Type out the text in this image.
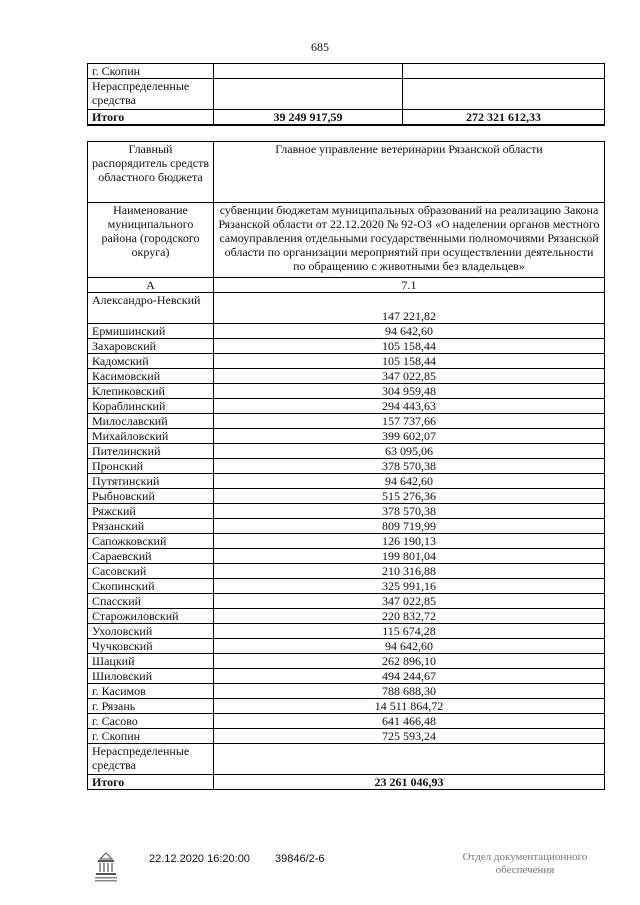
685
г. Скопин		
Нераспределенные средства		
Итого	39 249 917,59	272 321 612,33
Главный распорядитель средств областного бюджета	Главное управление ветеринарии Рязанской области
Наименование муниципального района (городского округа)	субвенции бюджетам муниципальных образований на реализацию Закона Рязанской области от 22.12.2020 № 92-ОЗ «О наделении органов местного самоуправления отдельными государственными полномочиями Рязанской области по организации мероприятий при осуществлении деятельности по обращению с животными без владельцев»
А	7.1
Александро-Невский	147 221,82
Ермишинский	94 642,60
Захаровский	105 158,44
Кадомский	105 158,44
Касимовский	347 022,85
Клепиковский	304 959,48
Кораблинский	294 443,63
Милославский	157 737,66
Михайловский	399 602,07
Пителинский	63 095,06
Пронский	378 570,38
Путятинский	94 642,60
Рыбновский	515 276,36
Ряжский	378 570,38
Рязанский	809 719,99
Сапожковский	126 190,13
Сараевский	199 801,04
Сасовский	210 316,88
Скопинский	325 991,16
Спасский	347 022,85
Старожиловский	220 832,72
Ухоловский	115 674,28
Чучковский	94 642,60
Шацкий	262 896,10
Шиловский	494 244,67
г. Касимов	788 688,30
г. Рязань	14 511 864,72
г. Сасово	641 466,48
г. Скопин	725 593,24
Нераспределенные средства	
Итого	23 261 046,93
22.12.2020 16:20:00 39846/2-6	Отдел документационного
обеспечения
